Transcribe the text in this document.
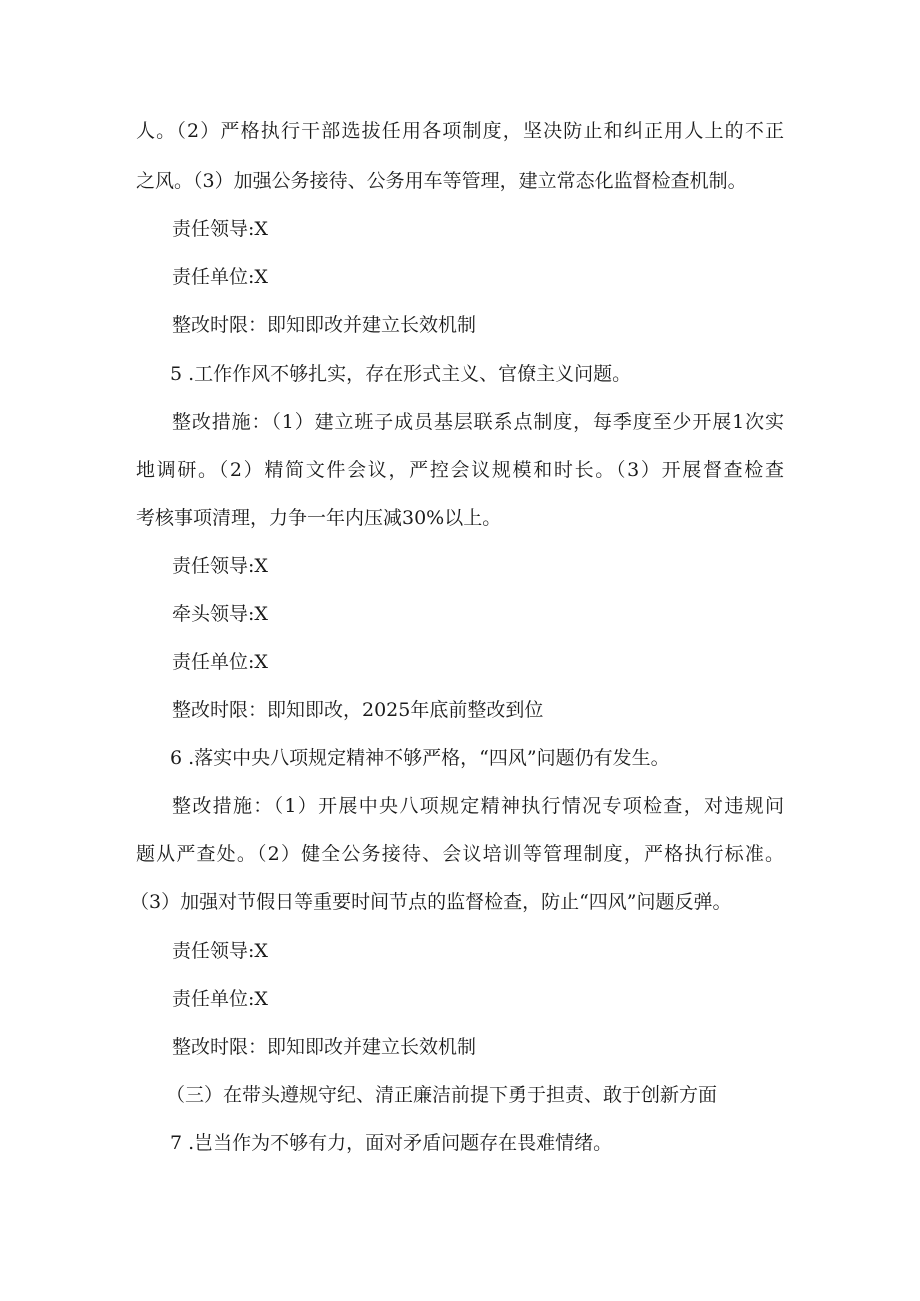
人。（2）严格执行干部选拔任用各项制度，坚决防止和纠正用人上的不正
之风。（3）加强公务接待、公务用车等管理，建立常态化监督检查机制。
责任领导:X
责任单位:X
整改时限：即知即改并建立长效机制
5 .工作作风不够扎实，存在形式主义、官僚主义问题。
整改措施：（1）建立班子成员基层联系点制度，每季度至少开展1次实
地调研。（2）精简文件会议，严控会议规模和时长。（3）开展督查检查
考核事项清理，力争一年内压减30%以上。
责任领导:X
牵头领导:X
责任单位:X
整改时限：即知即改，2025年底前整改到位
6 .落实中央八项规定精神不够严格，“四风”问题仍有发生。
整改措施：（1）开展中央八项规定精神执行情况专项检查，对违规问
题从严查处。（2）健全公务接待、会议培训等管理制度，严格执行标准。
（3）加强对节假日等重要时间节点的监督检查，防止“四风”问题反弹。
责任领导:X
责任单位:X
整改时限：即知即改并建立长效机制
（三）在带头遵规守纪、清正廉洁前提下勇于担责、敢于创新方面
7 .岂当作为不够有力，面对矛盾问题存在畏难情绪。
